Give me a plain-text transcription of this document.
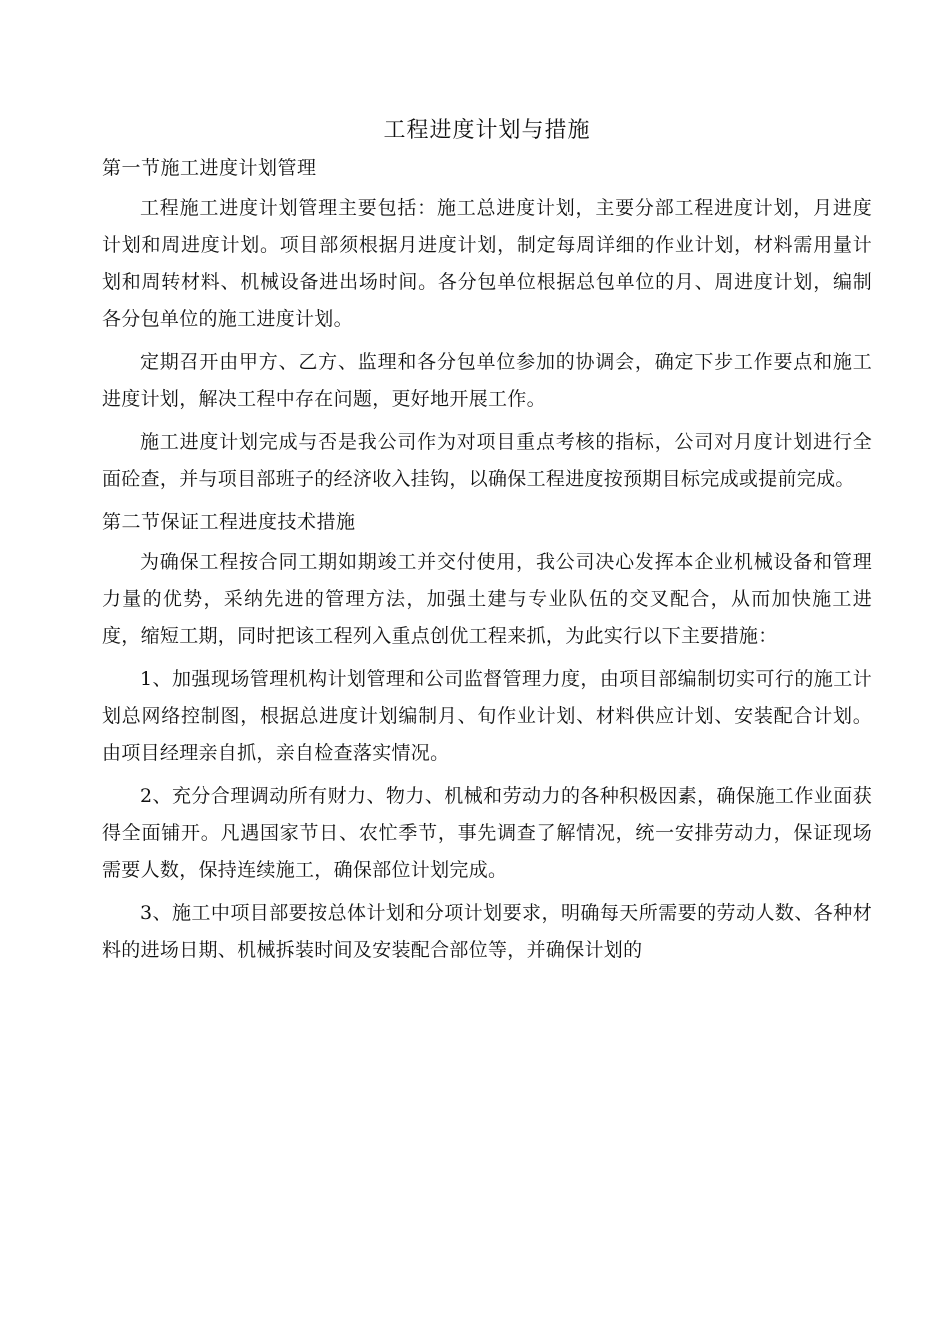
工程进度计划与措施
第一节施工进度计划管理

工程施工进度计划管理主要包括：施工总进度计划，主要分部工程进度计划，月进度计划和周进度计划。项目部须根据月进度计划，制定每周详细的作业计划，材料需用量计划和周转材料、机械设备进出场时间。各分包单位根据总包单位的月、周进度计划，编制各分包单位的施工进度计划。

定期召开由甲方、乙方、监理和各分包单位参加的协调会，确定下步工作要点和施工进度计划，解决工程中存在问题，更好地开展工作。

施工进度计划完成与否是我公司作为对项目重点考核的指标，公司对月度计划进行全面砼查，并与项目部班子的经济收入挂钩，以确保工程进度按预期目标完成或提前完成。

第二节保证工程进度技术措施

为确保工程按合同工期如期竣工并交付使用，我公司决心发挥本企业机械设备和管理力量的优势，采纳先进的管理方法，加强土建与专业队伍的交叉配合，从而加快施工进度，缩短工期，同时把该工程列入重点创优工程来抓，为此实行以下主要措施：

1、加强现场管理机构计划管理和公司监督管理力度，由项目部编制切实可行的施工计划总网络控制图，根据总进度计划编制月、旬作业计划、材料供应计划、安装配合计划。由项目经理亲自抓，亲自检查落实情况。

2、充分合理调动所有财力、物力、机械和劳动力的各种积极因素，确保施工作业面获得全面铺开。凡遇国家节日、农忙季节，事先调查了解情况，统一安排劳动力，保证现场需要人数，保持连续施工，确保部位计划完成。

3、施工中项目部要按总体计划和分项计划要求，明确每天所需要的劳动人数、各种材料的进场日期、机械拆装时间及安装配合部位等，并确保计划的
